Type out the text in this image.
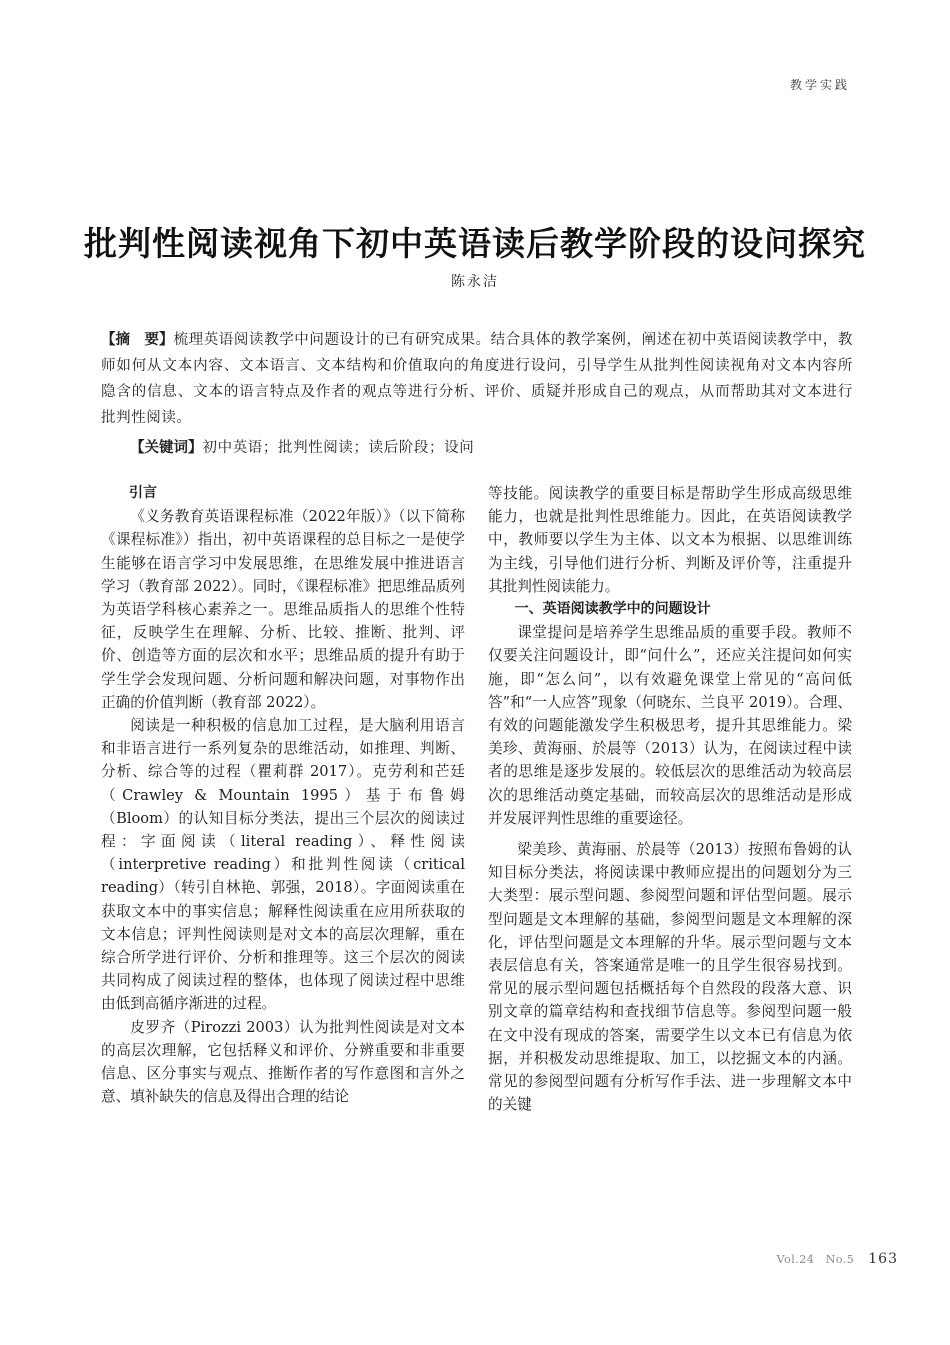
教学实践
批判性阅读视角下初中英语读后教学阶段的设问探究
陈永洁

【摘　要】梳理英语阅读教学中问题设计的已有研究成果。结合具体的教学案例，阐述在初中英语阅读教学中，教师如何从文本内容、文本语言、文本结构和价值取向的角度进行设问，引导学生从批判性阅读视角对文本内容所隐含的信息、文本的语言特点及作者的观点等进行分析、评价、质疑并形成自己的观点，从而帮助其对文本进行批判性阅读。

【关键词】初中英语；批判性阅读；读后阶段；设问

引言

《义务教育英语课程标准（2022年版）》（以下简称《课程标准》）指出，初中英语课程的总目标之一是使学生能够在语言学习中发展思维，在思维发展中推进语言学习（教育部 2022）。同时，《课程标准》把思维品质列为英语学科核心素养之一。思维品质指人的思维个性特征，反映学生在理解、分析、比较、推断、批判、评价、创造等方面的层次和水平；思维品质的提升有助于学生学会发现问题、分析问题和解决问题，对事物作出正确的价值判断（教育部 2022）。

阅读是一种积极的信息加工过程，是大脑利用语言和非语言进行一系列复杂的思维活动，如推理、判断、分析、综合等的过程（瞿莉群 2017）。克劳利和芒廷（Crawley & Mountain 1995）基于布鲁姆（Bloom）的认知目标分类法，提出三个层次的阅读过程：字面阅读（literal reading）、释性阅读（interpretive reading）和批判性阅读（critical reading）（转引自林艳、郭强，2018）。字面阅读重在获取文本中的事实信息；解释性阅读重在应用所获取的文本信息；评判性阅读则是对文本的高层次理解，重在综合所学进行评价、分析和推理等。这三个层次的阅读共同构成了阅读过程的整体，也体现了阅读过程中思维由低到高循序渐进的过程。

皮罗齐（Pirozzi 2003）认为批判性阅读是对文本的高层次理解，它包括释义和评价、分辨重要和非重要信息、区分事实与观点、推断作者的写作意图和言外之意、填补缺失的信息及得出合理的结论

等技能。阅读教学的重要目标是帮助学生形成高级思维能力，也就是批判性思维能力。因此，在英语阅读教学中，教师要以学生为主体、以文本为根据、以思维训练为主线，引导他们进行分析、判断及评价等，注重提升其批判性阅读能力。

一、英语阅读教学中的问题设计

课堂提问是培养学生思维品质的重要手段。教师不仅要关注问题设计，即“问什么”，还应关注提问如何实施，即“怎么问”，以有效避免课堂上常见的“高问低答”和“一人应答”现象（何晓东、兰良平 2019）。合理、有效的问题能激发学生积极思考，提升其思维能力。梁美珍、黄海丽、於晨等（2013）认为，在阅读过程中读者的思维是逐步发展的。较低层次的思维活动为较高层次的思维活动奠定基础，而较高层次的思维活动是形成并发展评判性思维的重要途径。

梁美珍、黄海丽、於晨等（2013）按照布鲁姆的认知目标分类法，将阅读课中教师应提出的问题划分为三大类型：展示型问题、参阅型问题和评估型问题。展示型问题是文本理解的基础，参阅型问题是文本理解的深化，评估型问题是文本理解的升华。展示型问题与文本表层信息有关，答案通常是唯一的且学生很容易找到。常见的展示型问题包括概括每个自然段的段落大意、识别文章的篇章结构和查找细节信息等。参阅型问题一般在文中没有现成的答案，需要学生以文本已有信息为依据，并积极发动思维提取、加工，以挖掘文本的内涵。常见的参阅型问题有分析写作手法、进一步理解文本中的关键

Vol.24　No.5 163
